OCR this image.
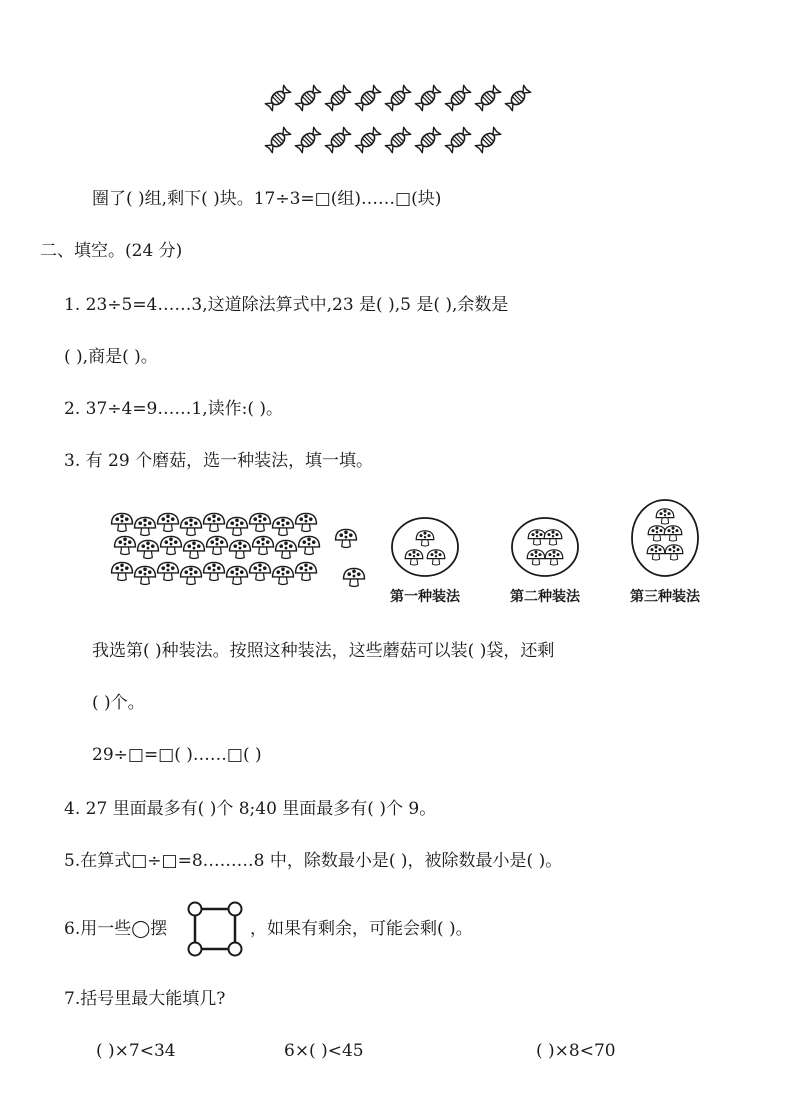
圈了( )组,剩下( )块。17÷3=□(组)……□(块)
二、填空。(24 分)
1. 23÷5=4……3,这道除法算式中,23 是( ),5 是( ),余数是
( ),商是( )。
2. 37÷4=9……1,读作:( )。
3. 有 29 个磨菇，选一种装法，填一填。
第一种装法	第二种装法	第三种装法
我选第( )种装法。按照这种装法，这些蘑菇可以装( )袋，还剩
( )个。
29÷□=□( )……□( )
4. 27 里面最多有( )个 8;40 里面最多有( )个 9。
5.在算式□÷□=8………8 中，除数最小是( )，被除数最小是( )。
6.用一些◯摆	，如果有剩余，可能会剩( )。
7.括号里最大能填几?
( )×7<34	6×( )<45	( )×8<70
